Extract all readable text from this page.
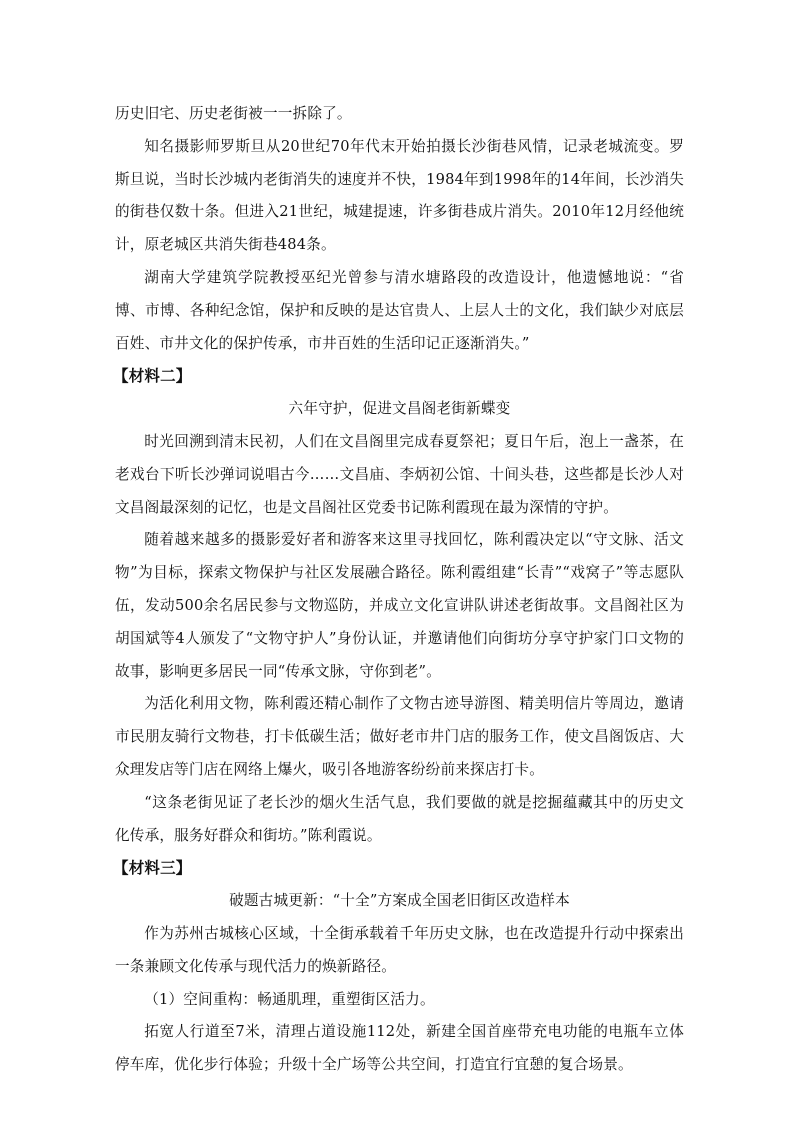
历史旧宅、历史老街被一一拆除了。

知名摄影师罗斯旦从20世纪70年代末开始拍摄长沙街巷风情，记录老城流变。罗斯旦说，当时长沙城内老街消失的速度并不快，1984年到1998年的14年间，长沙消失的街巷仅数十条。但进入21世纪，城建提速，许多街巷成片消失。2010年12月经他统计，原老城区共消失街巷484条。

湖南大学建筑学院教授巫纪光曾参与清水塘路段的改造设计，他遗憾地说：“省博、市博、各种纪念馆，保护和反映的是达官贵人、上层人士的文化，我们缺少对底层百姓、市井文化的保护传承，市井百姓的生活印记正逐渐消失。”

【材料二】

六年守护，促进文昌阁老街新蝶变

时光回溯到清末民初，人们在文昌阁里完成春夏祭祀；夏日午后，泡上一盏茶，在老戏台下听长沙弹词说唱古今……文昌庙、李炳初公馆、十间头巷，这些都是长沙人对文昌阁最深刻的记忆，也是文昌阁社区党委书记陈利霞现在最为深情的守护。

随着越来越多的摄影爱好者和游客来这里寻找回忆，陈利霞决定以“守文脉、活文物”为目标，探索文物保护与社区发展融合路径。陈利霞组建“长青”“戏窝子”等志愿队伍，发动500余名居民参与文物巡防，并成立文化宣讲队讲述老街故事。文昌阁社区为胡国斌等4人颁发了“文物守护人”身份认证，并邀请他们向街坊分享守护家门口文物的故事，影响更多居民一同“传承文脉，守你到老”。

为活化利用文物，陈利霞还精心制作了文物古迹导游图、精美明信片等周边，邀请市民朋友骑行文物巷，打卡低碳生活；做好老市井门店的服务工作，使文昌阁饭店、大众理发店等门店在网络上爆火，吸引各地游客纷纷前来探店打卡。

“这条老街见证了老长沙的烟火生活气息，我们要做的就是挖掘蕴藏其中的历史文化传承，服务好群众和街坊。”陈利霞说。

【材料三】

破题古城更新：“十全”方案成全国老旧街区改造样本

作为苏州古城核心区域，十全街承载着千年历史文脉，也在改造提升行动中探索出一条兼顾文化传承与现代活力的焕新路径。

（1）空间重构：畅通肌理，重塑街区活力。

拓宽人行道至7米，清理占道设施112处，新建全国首座带充电功能的电瓶车立体停车库，优化步行体验；升级十全广场等公共空间，打造宜行宜憩的复合场景。
